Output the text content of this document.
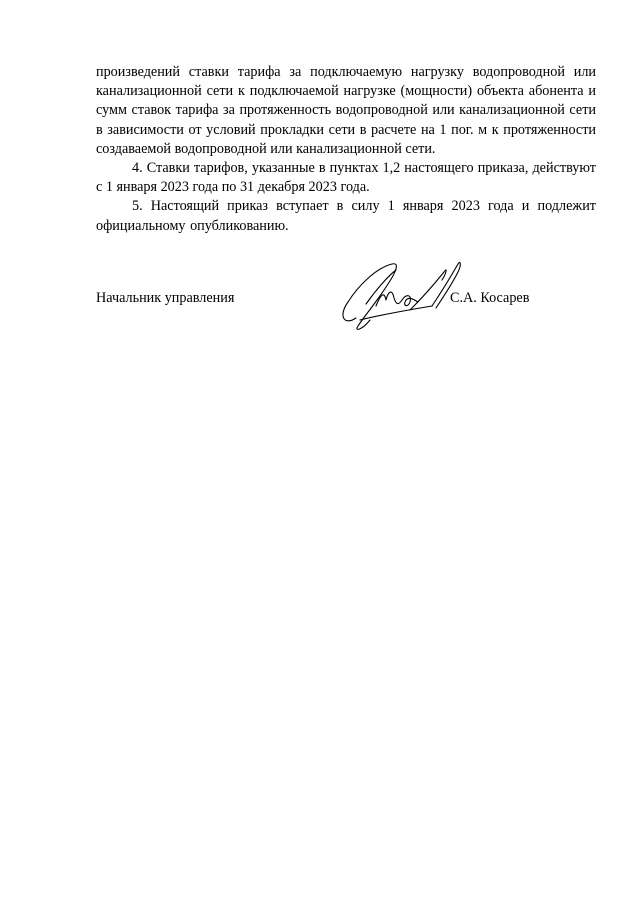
произведений ставки тарифа за подключаемую нагрузку водопроводной или канализационной сети к подключаемой нагрузке (мощности) объекта абонента и сумм ставок тарифа за протяженность водопроводной или канализационной сети в зависимости от условий прокладки сети в расчете на 1 пог. м к протяженности создаваемой водопроводной или канализационной сети.

4. Ставки тарифов, указанные в пунктах 1,2 настоящего приказа, действуют с 1 января 2023 года по 31 декабря 2023 года.

5. Настоящий приказ вступает в силу 1 января 2023 года и подлежит официальному опубликованию.

Начальник управления	С.А. Косарев
